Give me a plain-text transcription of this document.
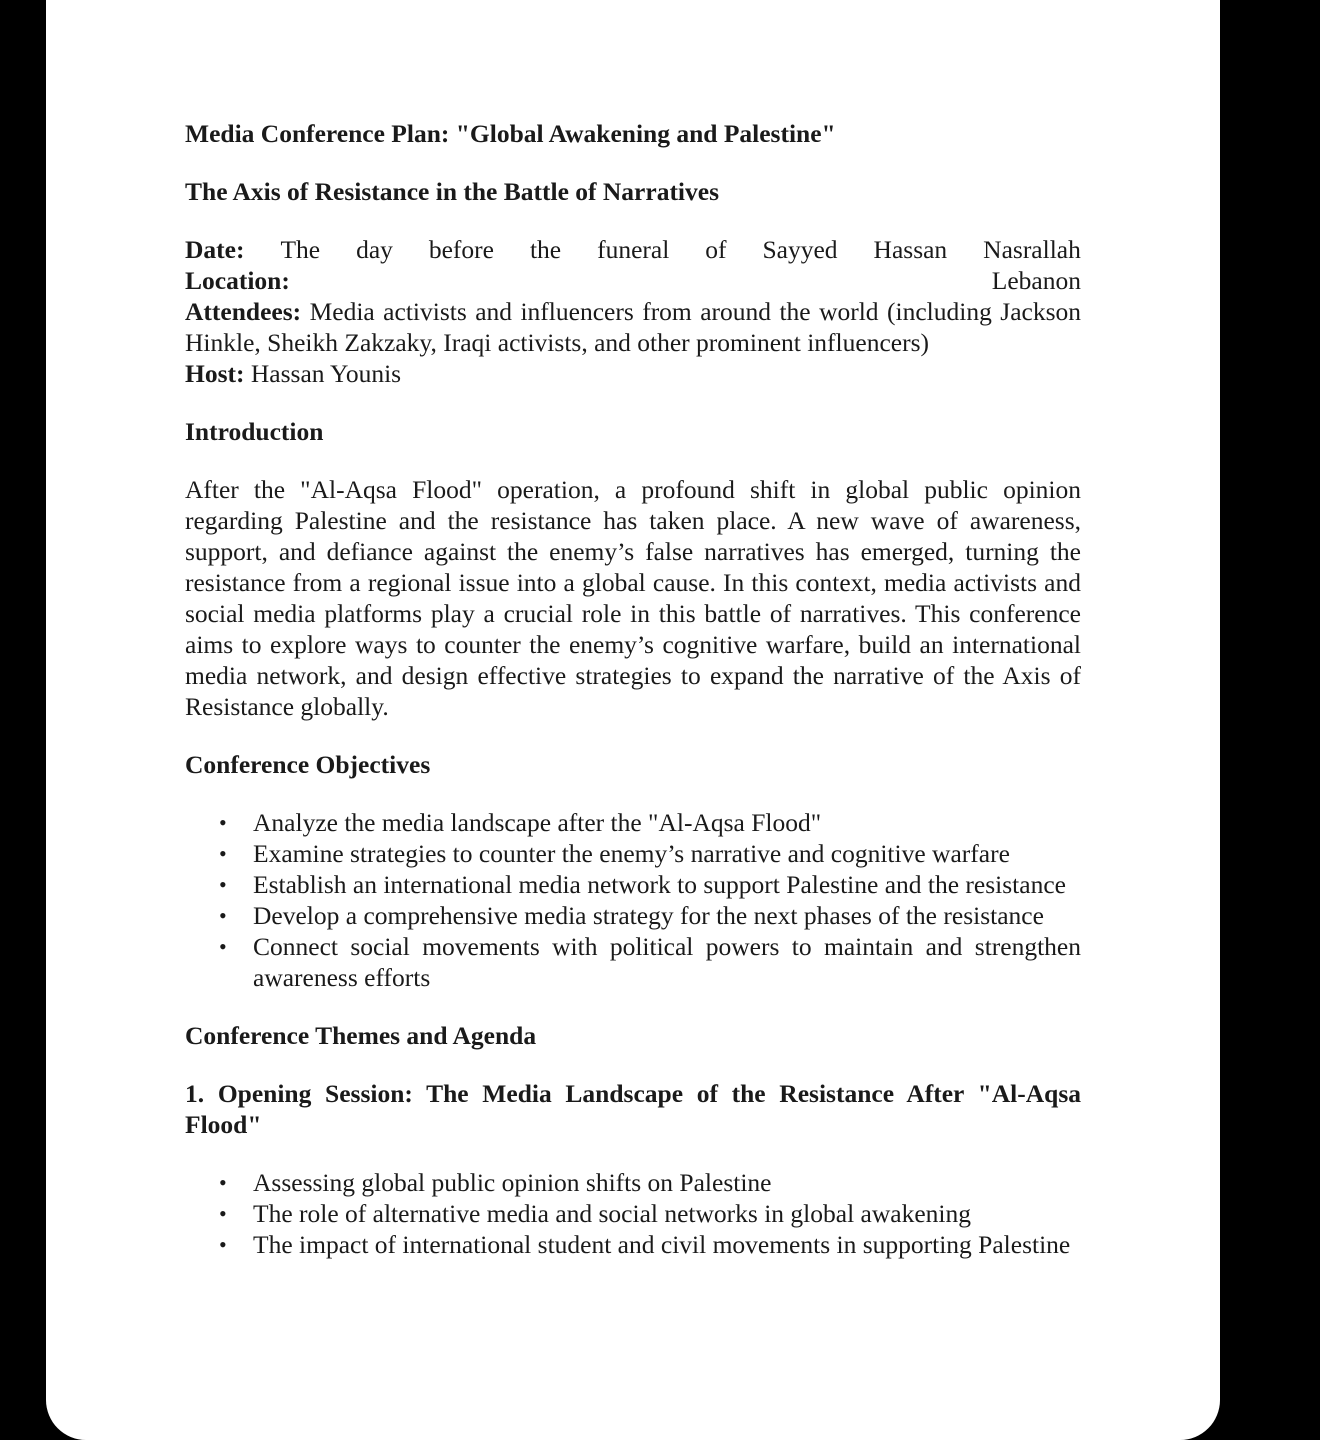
Media Conference Plan: "Global Awakening and Palestine"

The Axis of Resistance in the Battle of Narratives

Date: The day before the funeral of Sayyed Hassan Nasrallah
Location:	Lebanon
Attendees: Media activists and influencers from around the world (including Jackson Hinkle, Sheikh Zakzaky, Iraqi activists, and other prominent influencers)
Host: Hassan Younis

Introduction

After the "Al-Aqsa Flood" operation, a profound shift in global public opinion regarding Palestine and the resistance has taken place. A new wave of awareness, support, and defiance against the enemy’s false narratives has emerged, turning the resistance from a regional issue into a global cause. In this context, media activists and social media platforms play a crucial role in this battle of narratives. This conference aims to explore ways to counter the enemy’s cognitive warfare, build an international media network, and design effective strategies to expand the narrative of the Axis of Resistance globally.

Conference Objectives

• Analyze the media landscape after the "Al-Aqsa Flood"
• Examine strategies to counter the enemy’s narrative and cognitive warfare
• Establish an international media network to support Palestine and the resistance
• Develop a comprehensive media strategy for the next phases of the resistance
• Connect social movements with political powers to maintain and strengthen awareness efforts

Conference Themes and Agenda

1. Opening Session: The Media Landscape of the Resistance After "Al-Aqsa Flood"

• Assessing global public opinion shifts on Palestine
• The role of alternative media and social networks in global awakening
• The impact of international student and civil movements in supporting Palestine
